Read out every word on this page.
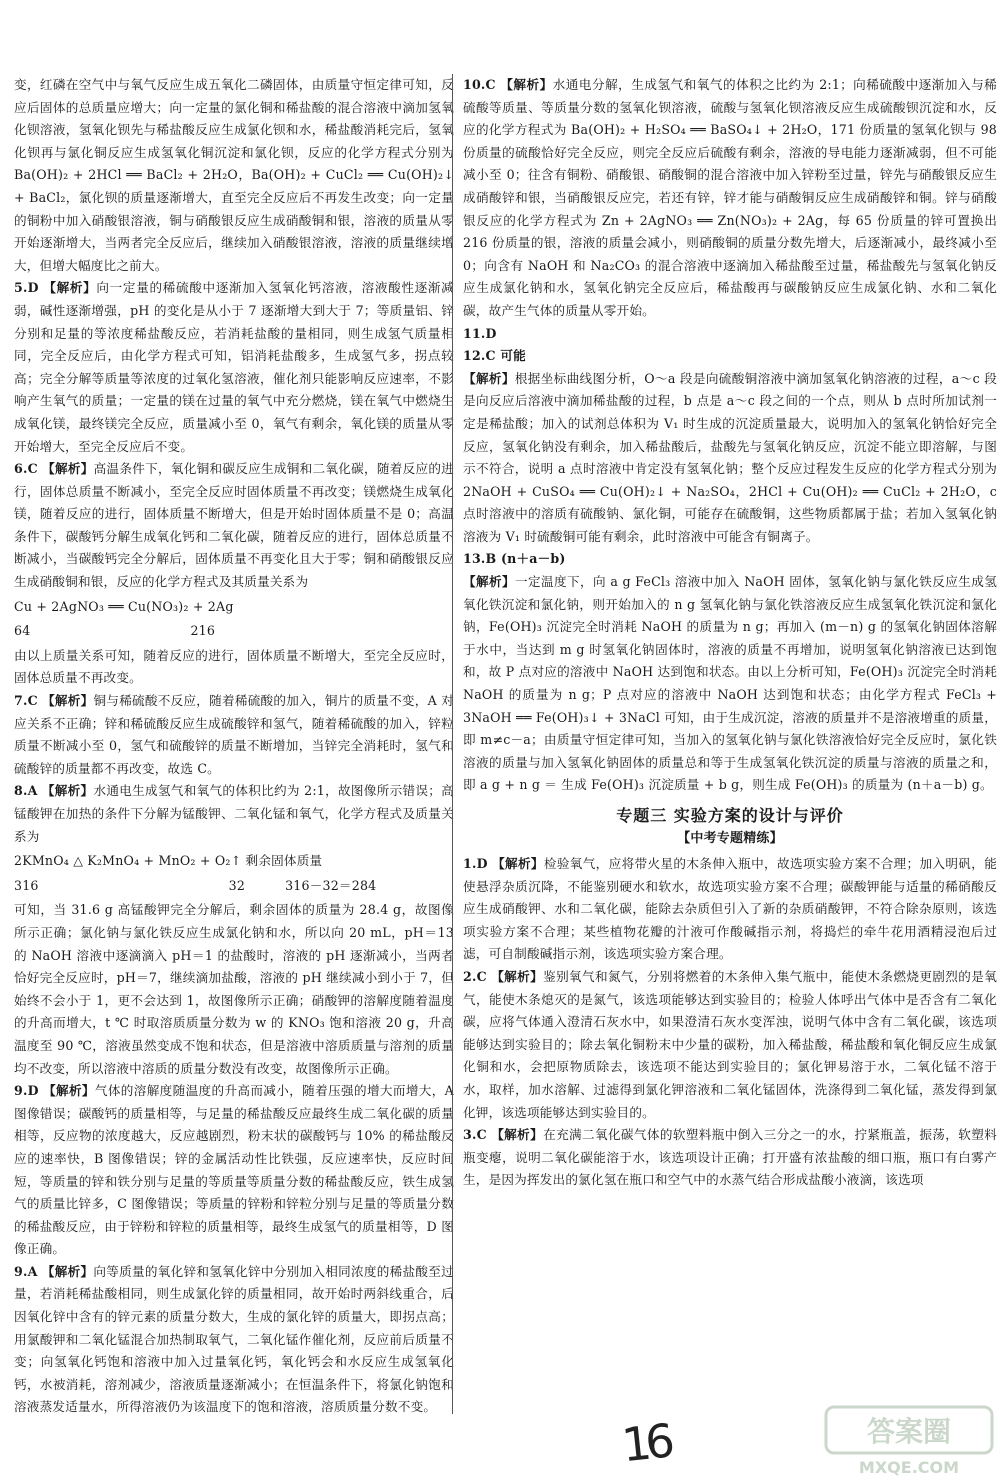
变，红磷在空气中与氧气反应生成五氧化二磷固体，由质量守恒定律可知，反应后固体的总质量应增大；向一定量的氯化铜和稀盐酸的混合溶液中滴加氢氧化钡溶液，氢氧化钡先与稀盐酸反应生成氯化钡和水，稀盐酸消耗完后，氢氧化钡再与氯化铜反应生成氢氧化铜沉淀和氯化钡，反应的化学方程式分别为 Ba(OH)₂ + 2HCl ══ BaCl₂ + 2H₂O，Ba(OH)₂ + CuCl₂ ══ Cu(OH)₂↓ + BaCl₂，氯化钡的质量逐渐增大，直至完全反应后不再发生改变；向一定量的铜粉中加入硝酸银溶液，铜与硝酸银反应生成硝酸铜和银，溶液的质量从零开始逐渐增大，当两者完全反应后，继续加入硝酸银溶液，溶液的质量继续增大，但增大幅度比之前大。

5.D 【解析】向一定量的稀硫酸中逐渐加入氢氧化钙溶液，溶液酸性逐渐减弱，碱性逐渐增强，pH 的变化是从小于 7 逐渐增大到大于 7；等质量铝、锌分别和足量的等浓度稀盐酸反应，若消耗盐酸的量相同，则生成氢气质量相同，完全反应后，由化学方程式可知，铝消耗盐酸多，生成氢气多，拐点较高；完全分解等质量等浓度的过氧化氢溶液，催化剂只能影响反应速率，不影响产生氧气的质量；一定量的镁在过量的氧气中充分燃烧，镁在氧气中燃烧生成氧化镁，最终镁完全反应，质量减小至 0，氧气有剩余，氧化镁的质量从零开始增大，至完全反应后不变。

6.C 【解析】高温条件下，氧化铜和碳反应生成铜和二氧化碳，随着反应的进行，固体总质量不断减小，至完全反应时固体质量不再改变；镁燃烧生成氧化镁，随着反应的进行，固体质量不断增大，但是开始时固体质量不是 0；高温条件下，碳酸钙分解生成氧化钙和二氧化碳，随着反应的进行，固体总质量不断减小，当碳酸钙完全分解后，固体质量不再变化且大于零；铜和硝酸银反应生成硝酸铜和银，反应的化学方程式及其质量关系为

Cu + 2AgNO₃ ══ Cu(NO₃)₂ + 2Ag

64	216

由以上质量关系可知，随着反应的进行，固体质量不断增大，至完全反应时，固体总质量不再改变。

7.C 【解析】铜与稀硫酸不反应，随着稀硫酸的加入，铜片的质量不变，A 对应关系不正确；锌和稀硫酸反应生成硫酸锌和氢气，随着稀硫酸的加入，锌粒质量不断减小至 0，氢气和硫酸锌的质量不断增加，当锌完全消耗时，氢气和硫酸锌的质量都不再改变，故选 C。

8.A 【解析】水通电生成氢气和氧气的体积比约为 2:1，故图像所示错误；高锰酸钾在加热的条件下分解为锰酸钾、二氧化锰和氧气，化学方程式及质量关系为

2KMnO₄ △ K₂MnO₄ + MnO₂ + O₂↑ 剩余固体质量

316	32	316－32＝284

可知，当 31.6 g 高锰酸钾完全分解后，剩余固体的质量为 28.4 g，故图像所示正确；氯化钠与氯化铁反应生成氯化钠和水，所以向 20 mL，pH＝13 的 NaOH 溶液中逐滴滴入 pH＝1 的盐酸时，溶液的 pH 逐渐减小，当两者恰好完全反应时，pH＝7，继续滴加盐酸，溶液的 pH 继续减小到小于 7，但始终不会小于 1，更不会达到 1，故图像所示正确；硝酸钾的溶解度随着温度的升高而增大，t ℃ 时取溶质质量分数为 w 的 KNO₃ 饱和溶液 20 g，升高温度至 90 ℃，溶液虽然变成不饱和状态，但是溶液中溶质质量与溶剂的质量均不改变，所以溶液中溶质的质量分数没有改变，故图像所示正确。

9.D 【解析】气体的溶解度随温度的升高而减小，随着压强的增大而增大，A 图像错误；碳酸钙的质量相等，与足量的稀盐酸反应最终生成二氧化碳的质量相等，反应物的浓度越大，反应越剧烈，粉末状的碳酸钙与 10% 的稀盐酸反应的速率快，B 图像错误；锌的金属活动性比铁强，反应速率快，反应时间短，等质量的锌和铁分别与足量的等质量等质量分数的稀盐酸反应，铁生成氢气的质量比锌多，C 图像错误；等质量的锌粉和锌粒分别与足量的等质量分数的稀盐酸反应，由于锌粉和锌粒的质量相等，最终生成氢气的质量相等，D 图像正确。

9.A 【解析】向等质量的氧化锌和氢氧化锌中分别加入相同浓度的稀盐酸至过量，若消耗稀盐酸相同，则生成氯化锌的质量相同，故开始时两斜线重合，后因氧化锌中含有的锌元素的质量分数大，生成的氯化锌的质量大，即拐点高；用氯酸钾和二氧化锰混合加热制取氧气，二氧化锰作催化剂，反应前后质量不变；向氢氧化钙饱和溶液中加入过量氧化钙，氧化钙会和水反应生成氢氧化钙，水被消耗，溶剂减少，溶液质量逐渐减小；在恒温条件下，将氯化钠饱和溶液蒸发适量水，所得溶液仍为该温度下的饱和溶液，溶质质量分数不变。

10.C 【解析】水通电分解，生成氢气和氧气的体积之比约为 2:1；向稀硫酸中逐渐加入与稀硫酸等质量、等质量分数的氢氧化钡溶液，硫酸与氢氧化钡溶液反应生成硫酸钡沉淀和水，反应的化学方程式为 Ba(OH)₂ + H₂SO₄ ══ BaSO₄↓ + 2H₂O，171 份质量的氢氧化钡与 98 份质量的硫酸恰好完全反应，则完全反应后硫酸有剩余，溶液的导电能力逐渐减弱，但不可能减小至 0；往含有铜粉、硝酸银、硝酸铜的混合溶液中加入锌粉至过量，锌先与硝酸银反应生成硝酸锌和银，当硝酸银反应完，若还有锌，锌才能与硝酸铜反应生成硝酸锌和铜。锌与硝酸银反应的化学方程式为 Zn + 2AgNO₃ ══ Zn(NO₃)₂ + 2Ag，每 65 份质量的锌可置换出 216 份质量的银，溶液的质量会减小，则硝酸铜的质量分数先增大，后逐渐减小，最终减小至 0；向含有 NaOH 和 Na₂CO₃ 的混合溶液中逐滴加入稀盐酸至过量，稀盐酸先与氢氧化钠反应生成氯化钠和水，氢氧化钠完全反应后，稀盐酸再与碳酸钠反应生成氯化钠、水和二氧化碳，故产生气体的质量从零开始。

11.D

12.C 可能

【解析】根据坐标曲线图分析，O～a 段是向硫酸铜溶液中滴加氢氧化钠溶液的过程，a～c 段是向反应后溶液中滴加稀盐酸的过程，b 点是 a～c 段之间的一个点，则从 b 点时所加试剂一定是稀盐酸；加入的试剂总体积为 V₁ 时生成的沉淀质量最大，说明加入的氢氧化钠恰好完全反应，氢氧化钠没有剩余，加入稀盐酸后，盐酸先与氢氧化钠反应，沉淀不能立即溶解，与图示不符合，说明 a 点时溶液中肯定没有氢氧化钠；整个反应过程发生反应的化学方程式分别为 2NaOH + CuSO₄ ══ Cu(OH)₂↓ + Na₂SO₄，2HCl + Cu(OH)₂ ══ CuCl₂ + 2H₂O，c 点时溶液中的溶质有硫酸钠、氯化铜，可能存在硫酸铜，这些物质都属于盐；若加入氢氧化钠溶液为 V₁ 时硫酸铜可能有剩余，此时溶液中可能含有铜离子。

13.B (n＋a－b)

【解析】一定温度下，向 a g FeCl₃ 溶液中加入 NaOH 固体，氢氧化钠与氯化铁反应生成氢氧化铁沉淀和氯化钠，则开始加入的 n g 氢氧化钠与氯化铁溶液反应生成氢氧化铁沉淀和氯化钠，Fe(OH)₃ 沉淀完全时消耗 NaOH 的质量为 n g；再加入 (m－n) g 的氢氧化钠固体溶解于水中，当达到 m g 时氢氧化钠固体时，溶液的质量不再增加，说明氢氧化钠溶液已达到饱和，故 P 点对应的溶液中 NaOH 达到饱和状态。由以上分析可知，Fe(OH)₃ 沉淀完全时消耗 NaOH 的质量为 n g；P 点对应的溶液中 NaOH 达到饱和状态；由化学方程式 FeCl₃ + 3NaOH ══ Fe(OH)₃↓ + 3NaCl 可知，由于生成沉淀，溶液的质量并不是溶液增重的质量，即 m≠c－a；由质量守恒定律可知，当加入的氢氧化钠与氯化铁溶液恰好完全反应时，氯化铁溶液的质量与加入氢氧化钠固体的质量总和等于生成氢氧化铁沉淀的质量与溶液的质量之和，即 a g + n g ＝ 生成 Fe(OH)₃ 沉淀质量 + b g，则生成 Fe(OH)₃ 的质量为 (n＋a－b) g。

专题三 实验方案的设计与评价

【中考专题精练】

1.D 【解析】检验氧气，应将带火星的木条伸入瓶中，故选项实验方案不合理；加入明矾，能使悬浮杂质沉降，不能鉴别硬水和软水，故选项实验方案不合理；碳酸钾能与适量的稀硝酸反应生成硝酸钾、水和二氧化碳，能除去杂质但引入了新的杂质硝酸钾，不符合除杂原则，该选项实验方案不合理；某些植物花瓣的汁液可作酸碱指示剂，将捣烂的牵牛花用酒精浸泡后过滤，可自制酸碱指示剂，该选项实验方案合理。

2.C 【解析】鉴别氧气和氮气，分别将燃着的木条伸入集气瓶中，能使木条燃烧更剧烈的是氧气，能使木条熄灭的是氮气，该选项能够达到实验目的；检验人体呼出气体中是否含有二氧化碳，应将气体通入澄清石灰水中，如果澄清石灰水变浑浊，说明气体中含有二氧化碳，该选项能够达到实验目的；除去氧化铜粉末中少量的碳粉，加入稀盐酸，稀盐酸和氧化铜反应生成氯化铜和水，会把原物质除去，该选项不能达到实验目的；氯化钾易溶于水，二氧化锰不溶于水，取样，加水溶解、过滤得到氯化钾溶液和二氧化锰固体，洗涤得到二氧化锰，蒸发得到氯化钾，该选项能够达到实验目的。

3.C 【解析】在充满二氧化碳气体的软塑料瓶中倒入三分之一的水，拧紧瓶盖，振荡，软塑料瓶变瘪，说明二氧化碳能溶于水，该选项设计正确；打开盛有浓盐酸的细口瓶，瓶口有白雾产生，是因为挥发出的氯化氢在瓶口和空气中的水蒸气结合形成盐酸小液滴，该选项

16	答案圈
MXQE.COM
